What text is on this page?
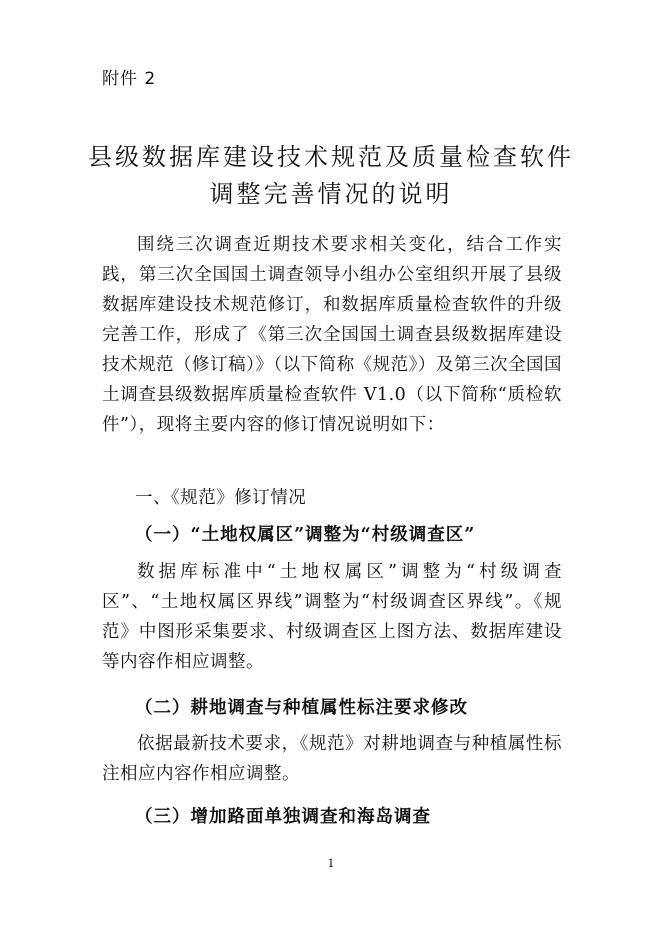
附件 2
县级数据库建设技术规范及质量检查软件
调整完善情况的说明
围绕三次调查近期技术要求相关变化，结合工作实践，第三次全国国土调查领导小组办公室组织开展了县级数据库建设技术规范修订，和数据库质量检查软件的升级完善工作，形成了《第三次全国国土调查县级数据库建设技术规范（修订稿）》（以下简称《规范》）及第三次全国国土调查县级数据库质量检查软件 V1.0（以下简称“质检软件”），现将主要内容的修订情况说明如下：
一、《规范》修订情况
（一）“土地权属区”调整为“村级调查区”
数据库标准中“土地权属区”调整为“村级调查区”、“土地权属区界线”调整为“村级调查区界线”。《规范》中图形采集要求、村级调查区上图方法、数据库建设等内容作相应调整。
（二）耕地调查与种植属性标注要求修改
依据最新技术要求，《规范》对耕地调查与种植属性标注相应内容作相应调整。
（三）增加路面单独调查和海岛调查
1
